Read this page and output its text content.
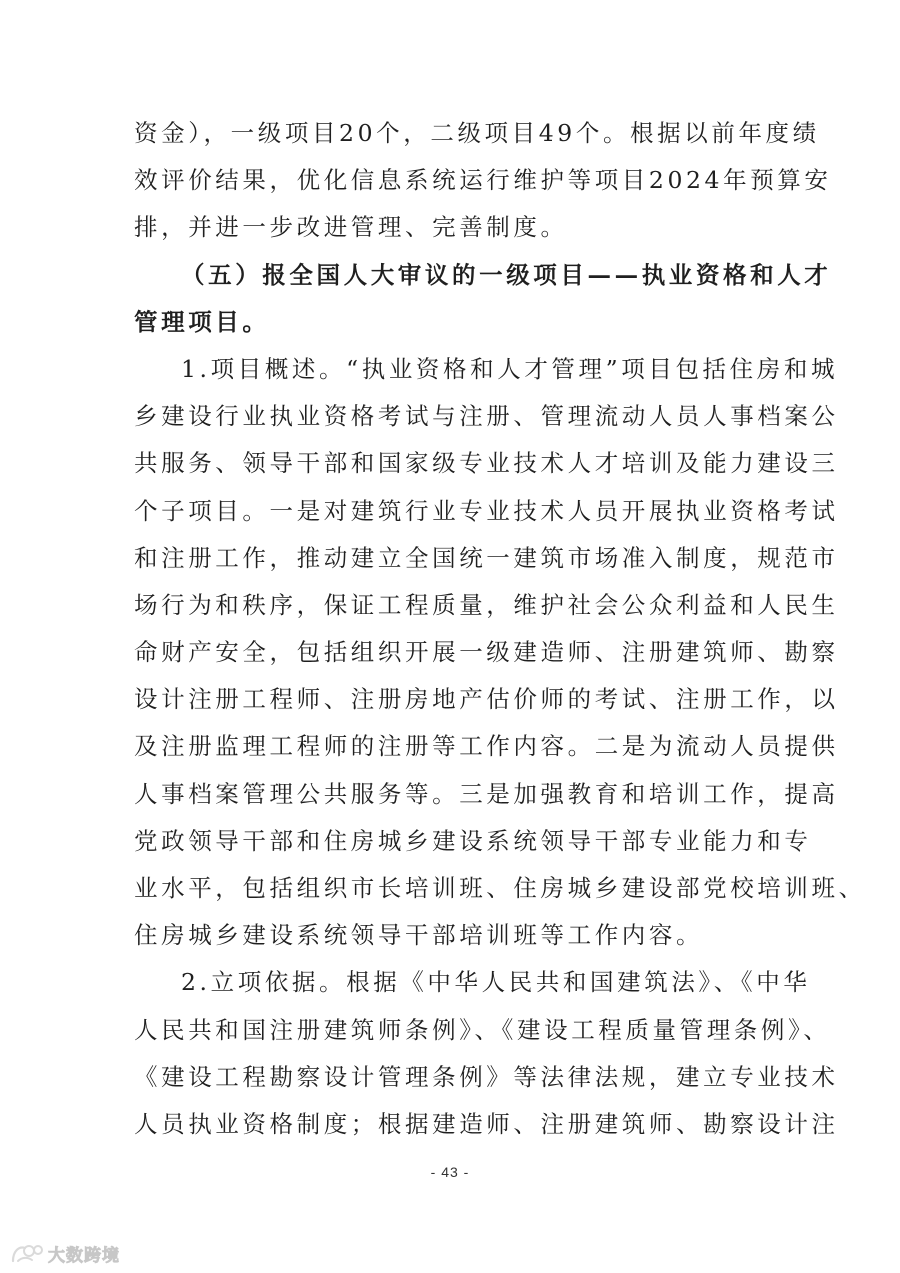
资金），一级项目20个，二级项目49个。根据以前年度绩
效评价结果，优化信息系统运行维护等项目2024年预算安
排，并进一步改进管理、完善制度。
（五）报全国人大审议的一级项目——执业资格和人才
管理项目。
1.项目概述。“执业资格和人才管理”项目包括住房和城
乡建设行业执业资格考试与注册、管理流动人员人事档案公
共服务、领导干部和国家级专业技术人才培训及能力建设三
个子项目。一是对建筑行业专业技术人员开展执业资格考试
和注册工作，推动建立全国统一建筑市场准入制度，规范市
场行为和秩序，保证工程质量，维护社会公众利益和人民生
命财产安全，包括组织开展一级建造师、注册建筑师、勘察
设计注册工程师、注册房地产估价师的考试、注册工作，以
及注册监理工程师的注册等工作内容。二是为流动人员提供
人事档案管理公共服务等。三是加强教育和培训工作，提高
党政领导干部和住房城乡建设系统领导干部专业能力和专
业水平，包括组织市长培训班、住房城乡建设部党校培训班、
住房城乡建设系统领导干部培训班等工作内容。
2.立项依据。根据《中华人民共和国建筑法》、《中华
人民共和国注册建筑师条例》、《建设工程质量管理条例》、
《建设工程勘察设计管理条例》等法律法规，建立专业技术
人员执业资格制度；根据建造师、注册建筑师、勘察设计注
- 43 -
大数跨境
